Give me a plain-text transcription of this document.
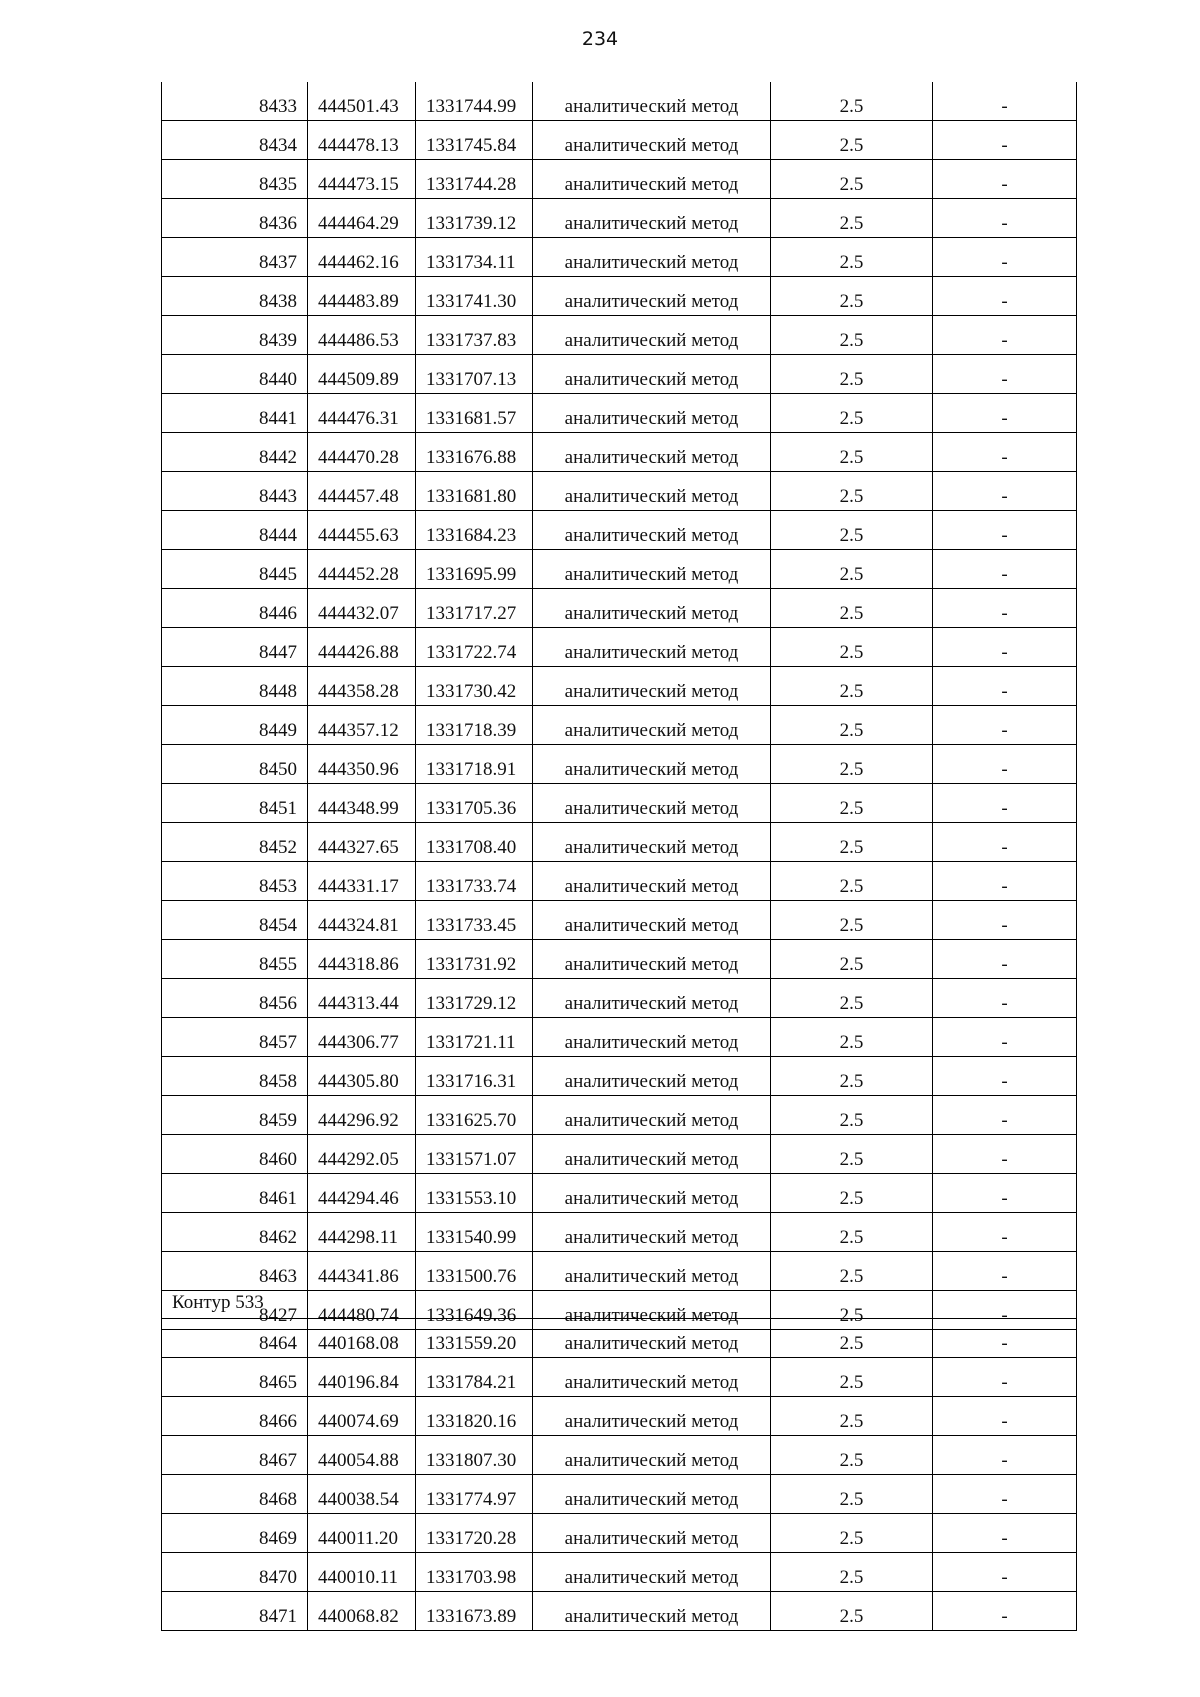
234
8433	444501.43	1331744.99	аналитический метод	2.5	-
8434	444478.13	1331745.84	аналитический метод	2.5	-
8435	444473.15	1331744.28	аналитический метод	2.5	-
8436	444464.29	1331739.12	аналитический метод	2.5	-
8437	444462.16	1331734.11	аналитический метод	2.5	-
8438	444483.89	1331741.30	аналитический метод	2.5	-
8439	444486.53	1331737.83	аналитический метод	2.5	-
8440	444509.89	1331707.13	аналитический метод	2.5	-
8441	444476.31	1331681.57	аналитический метод	2.5	-
8442	444470.28	1331676.88	аналитический метод	2.5	-
8443	444457.48	1331681.80	аналитический метод	2.5	-
8444	444455.63	1331684.23	аналитический метод	2.5	-
8445	444452.28	1331695.99	аналитический метод	2.5	-
8446	444432.07	1331717.27	аналитический метод	2.5	-
8447	444426.88	1331722.74	аналитический метод	2.5	-
8448	444358.28	1331730.42	аналитический метод	2.5	-
8449	444357.12	1331718.39	аналитический метод	2.5	-
8450	444350.96	1331718.91	аналитический метод	2.5	-
8451	444348.99	1331705.36	аналитический метод	2.5	-
8452	444327.65	1331708.40	аналитический метод	2.5	-
8453	444331.17	1331733.74	аналитический метод	2.5	-
8454	444324.81	1331733.45	аналитический метод	2.5	-
8455	444318.86	1331731.92	аналитический метод	2.5	-
8456	444313.44	1331729.12	аналитический метод	2.5	-
8457	444306.77	1331721.11	аналитический метод	2.5	-
8458	444305.80	1331716.31	аналитический метод	2.5	-
8459	444296.92	1331625.70	аналитический метод	2.5	-
8460	444292.05	1331571.07	аналитический метод	2.5	-
8461	444294.46	1331553.10	аналитический метод	2.5	-
8462	444298.11	1331540.99	аналитический метод	2.5	-
8463	444341.86	1331500.76	аналитический метод	2.5	-
8427	444480.74	1331649.36	аналитический метод	2.5	-
Контур 533
8464	440168.08	1331559.20	аналитический метод	2.5	-
8465	440196.84	1331784.21	аналитический метод	2.5	-
8466	440074.69	1331820.16	аналитический метод	2.5	-
8467	440054.88	1331807.30	аналитический метод	2.5	-
8468	440038.54	1331774.97	аналитический метод	2.5	-
8469	440011.20	1331720.28	аналитический метод	2.5	-
8470	440010.11	1331703.98	аналитический метод	2.5	-
8471	440068.82	1331673.89	аналитический метод	2.5	-
